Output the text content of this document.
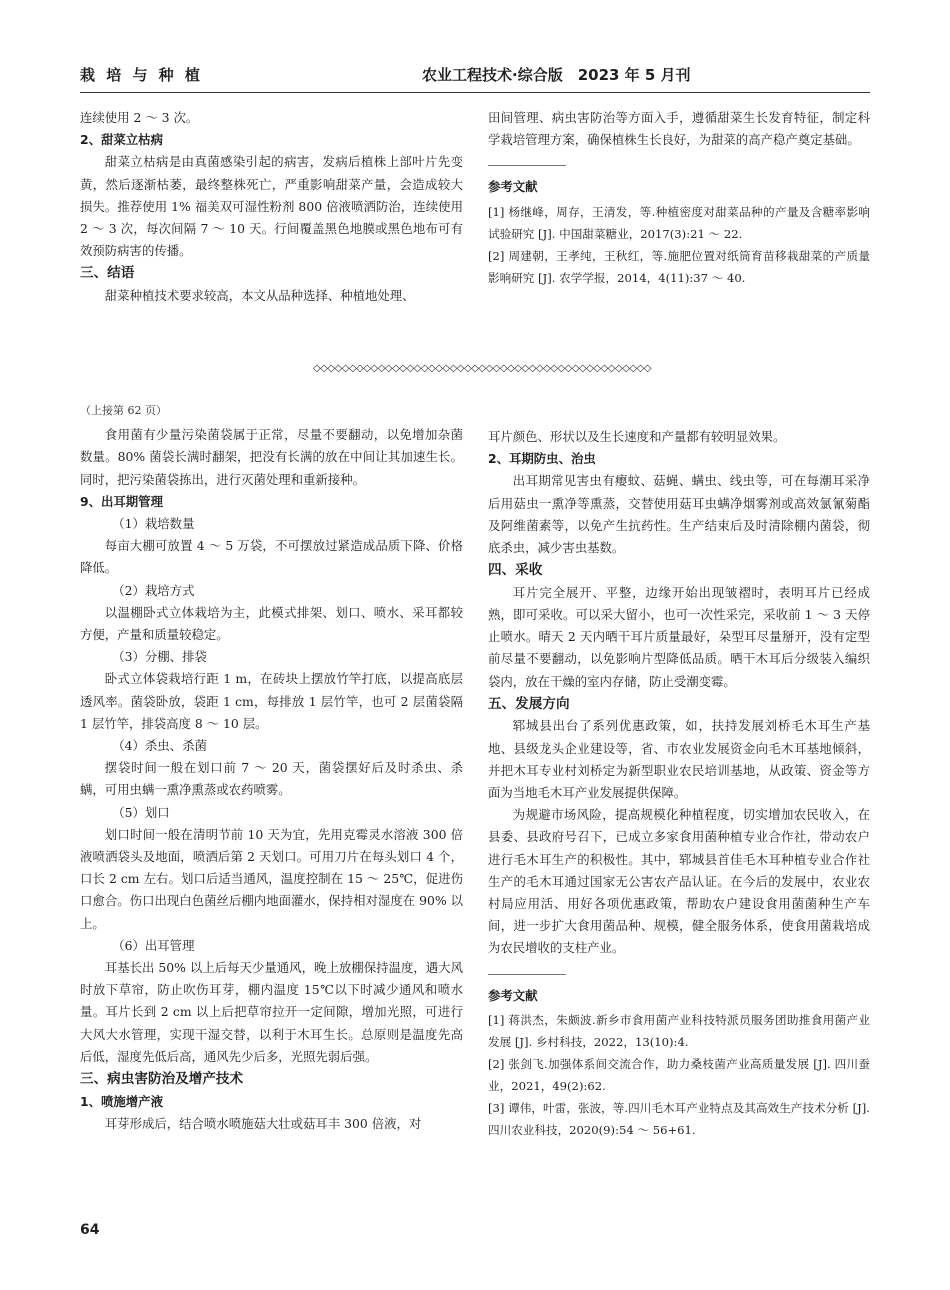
栽 培 与 种 植	农业工程技术·综合版　2023 年 5 月刊

连续使用 2 ～ 3 次。

2、甜菜立枯病

甜菜立枯病是由真菌感染引起的病害，发病后植株上部叶片先变黄，然后逐渐枯萎，最终整株死亡，严重影响甜菜产量，会造成较大损失。推荐使用 1% 福美双可湿性粉剂 800 倍液喷洒防治，连续使用 2 ～ 3 次，每次间隔 7 ～ 10 天。行间覆盖黑色地膜或黑色地布可有效预防病害的传播。

三、结语

甜菜种植技术要求较高，本文从品种选择、种植地处理、

田间管理、病虫害防治等方面入手，遵循甜菜生长发育特征，制定科学栽培管理方案，确保植株生长良好，为甜菜的高产稳产奠定基础。

参考文献

[1] 杨继峰，周存，王清发，等.种植密度对甜菜品种的产量及含糖率影响试验研究 [J]. 中国甜菜糖业，2017(3):21 ～ 22.

[2] 周建朝，王孝纯，王秋红，等.施肥位置对纸筒育苗移栽甜菜的产质量影响研究 [J]. 农学学报，2014，4(11):37 ～ 40.

◇◇◇◇◇◇◇◇◇◇◇◇◇◇◇◇◇◇◇◇◇◇◇◇◇◇◇◇◇◇◇◇◇◇◇◇◇◇◇◇◇◇◇◇◇◇◇

（上接第 62 页）

食用菌有少量污染菌袋属于正常，尽量不要翻动，以免增加杂菌数量。80% 菌袋长满时翻架，把没有长满的放在中间让其加速生长。同时，把污染菌袋拣出，进行灭菌处理和重新接种。

9、出耳期管理

（1）栽培数量

每亩大棚可放置 4 ～ 5 万袋，不可摆放过紧造成品质下降、价格降低。

（2）栽培方式

以温棚卧式立体栽培为主，此模式排架、划口、喷水、采耳都较方便，产量和质量较稳定。

（3）分棚、排袋

卧式立体袋栽培行距 1 m，在砖块上摆放竹竿打底，以提高底层透风率。菌袋卧放，袋距 1 cm，每排放 1 层竹竿，也可 2 层菌袋隔 1 层竹竿，排袋高度 8 ～ 10 层。

（4）杀虫、杀菌

摆袋时间一般在划口前 7 ～ 20 天，菌袋摆好后及时杀虫、杀螨，可用虫螨一熏净熏蒸或农药喷雾。

（5）划口

划口时间一般在清明节前 10 天为宜，先用克霉灵水溶液 300 倍液喷洒袋头及地面，喷洒后第 2 天划口。可用刀片在每头划口 4 个，口长 2 cm 左右。划口后适当通风，温度控制在 15 ～ 25℃，促进伤口愈合。伤口出现白色菌丝后棚内地面灌水，保持相对湿度在 90% 以上。

（6）出耳管理

耳基长出 50% 以上后每天少量通风，晚上放棚保持温度，遇大风时放下草帘，防止吹伤耳芽，棚内温度 15℃以下时减少通风和喷水量。耳片长到 2 cm 以上后把草帘拉开一定间隙，增加光照，可进行大风大水管理，实现干湿交替，以利于木耳生长。总原则是温度先高后低，湿度先低后高，通风先少后多，光照先弱后强。

三、病虫害防治及增产技术

1、喷施增产液

耳芽形成后，结合喷水喷施菇大壮或菇耳丰 300 倍液，对

耳片颜色、形状以及生长速度和产量都有较明显效果。

2、耳期防虫、治虫

出耳期常见害虫有瘿蚊、菇蝇、螨虫、线虫等，可在每潮耳采净后用菇虫一熏净等熏蒸，交替使用菇耳虫螨净烟雾剂或高效氯氰菊酯及阿维菌素等，以免产生抗药性。生产结束后及时清除棚内菌袋，彻底杀虫，减少害虫基数。

四、采收

耳片完全展开、平整，边缘开始出现皱褶时，表明耳片已经成熟，即可采收。可以采大留小，也可一次性采完，采收前 1 ～ 3 天停止喷水。晴天 2 天内晒干耳片质量最好，朵型耳尽量掰开，没有定型前尽量不要翻动，以免影响片型降低品质。晒干木耳后分级装入编织袋内，放在干燥的室内存储，防止受潮变霉。

五、发展方向

郓城县出台了系列优惠政策，如，扶持发展刘桥毛木耳生产基地、县级龙头企业建设等，省、市农业发展资金向毛木耳基地倾斜，并把木耳专业村刘桥定为新型职业农民培训基地，从政策、资金等方面为当地毛木耳产业发展提供保障。

为规避市场风险，提高规模化种植程度，切实增加农民收入，在县委、县政府号召下，已成立多家食用菌种植专业合作社，带动农户进行毛木耳生产的积极性。其中，郓城县首佳毛木耳种植专业合作社生产的毛木耳通过国家无公害农产品认证。在今后的发展中，农业农村局应用活、用好各项优惠政策，帮助农户建设食用菌菌种生产车间，进一步扩大食用菌品种、规模，健全服务体系，使食用菌栽培成为农民增收的支柱产业。

参考文献

[1] 蒋洪杰，朱颇波.新乡市食用菌产业科技特派员服务团助推食用菌产业发展 [J]. 乡村科技，2022，13(10):4.

[2] 张剑飞.加强体系间交流合作，助力桑枝菌产业高质量发展 [J]. 四川蚕业，2021，49(2):62.

[3] 谭伟，叶雷，张波，等.四川毛木耳产业特点及其高效生产技术分析 [J]. 四川农业科技，2020(9):54 ～ 56+61.

64
